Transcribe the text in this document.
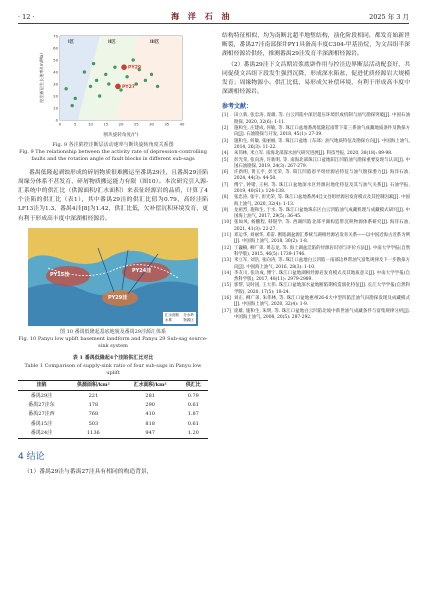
· 12 ·	海 洋 石 油	2025 年 3 月
I区	II区	III区
0	5	10	15	20	25	30	35	40
0
10
20
30
40
50
60
70
PY29
PY27
断块旋转角度/(°)
控洼断层生长速率/(m/Ma)
Fig. 9 各洼陷控洼断层活动速率与断块旋转角度关系图
Fig. 9 The relationship between the activity rate of depression-controlling faults and the rotation angle of fault blocks in different sub-sags

番禺低隆起剥蚀形成的碎屑物质很难搬运至番禺29洼，且番禺29洼陷周缘分体系不甚发育，碎屑物质搬运能力有限（图10）。本次研究引入源-汇系统中的供汇比（供源面积/汇水面积）来表征经源岩的品质，计算了4个洼陷的供汇比（表1），其中番禺29洼的供汇比值为0.79，高经洼陷LF13洼为1.3、番禺4洼[8]为1.42，供汇比低，欠补偿沉积环境发育，更有利于形成高丰度中深湖相烃源岩。

PY15洼
PY24洼
PY29洼
汇水面积 分水岭
水系	物源区
图 10 番禺低隆起基底地貌及番禺29洼源汇体系
Fig. 10 Panyu low uplift basement landform and Panyu 29 Sub-sag source-sink system
表 1 番禺低隆起4个洼陷供汇比对比
Table 1 Comparison of supply-sink ratio of four sub-sags in Panyu low uplift
洼陷	供源面积/km²	汇水面积/km²	供汇比
番禺29洼	221	281	0.79
番禺27洼东	178	290	0.61
番禺27洼西	768	410	1.87
番禺15洼	503	818	0.61
番禺24洼	1136	947	1.20
4 结论

（1）番禺29洼与番禺27洼具有相同的构造背景，

结构特征相似，均为南断北超半地堑结构，演化阶段相同，都发育始新世断裂，番禺27洼南部探井PY1具备高丰度C304-甲基甾烷，为文昌组半深湖相烃源岩供烃，推测番禺29洼发育半深湖相烃源岩。

（2）番禺29洼下文昌期岩浆底辟作用与控洼边界断层活动配套好，共同促使文昌组下段发生强烈沉降，形成深水陷盆，促进优质烃源岩大规模发育；周缘物源小、供汇比低，易形成欠补偿环境，有利于形成高丰度中深湖相烃源岩。

参考文献：
[1]	田立新, 张忠涛, 庞雄, 等. 白云凹陷中深层超压环境形成机制与油气勘探突破[J]. 中国石油勘探, 2020, 32(6): 1-11.
[2]	施和生, 庄建成, 何敏, 等. 珠江口盆地番禺低隆起南带下第三系油气成藏地质条件及勘探方向[J]. 石油勘探与开发, 2018, 45(1): 27-39.
[3]	施和生, 何敏, 张丽丽, 等. 珠江口盆地（东部）油气地质特征及勘探方向[J]. 中国海上油气, 2014, 26(3): 11-22.
[4]	朱伟林, 米立军. 南海北部深水油气研究进展[J]. 科技导报, 2020, 38(18): 89-98.
[5]	彭光荣, 张向涛, 许新明, 等. 南海北部珠江口盆地阳江凹陷油气勘探重要发现与认识[J]. 中国石油勘探, 2019, 24(3): 267-279.
[6]	许新明, 黄玉平, 彭光荣, 等. 阳江凹陷恩平组烃源岩特征与油气勘探潜力[J]. 海洋石油, 2024, 44(3): 44-50.
[7]	傅宁, 钟锴, 王柯, 等. 珠江口盆地深水区烃源岩地化特征及其与油气关系[J]. 石油学报, 2019, 40(S1): 124-138.
[8]	张忠涛, 张宇, 彭光荣, 等. 珠江口盆地番禺4洼文昌组烃源岩发育模式及其控制因素[J]. 中国海上油气, 2020, 32(4): 1-13.
[9]	龙祖烈, 施和生, 于水, 等. 珠江口盆地珠东区白云凹陷油气成藏机理与成藏模式研究[J]. 中国海上油气, 2017, 29(5): 36-45.
[10] 张如凤, 杨鹏程, 韩银学, 等. 西湖凹陷北部平湖构造带沉积物源体系研究[J]. 海洋石油, 2021, 41(3): 22-27.
[11] 邓运华, 刘丽华, 邓雷. 断陷湖盆源汇系统与湖相烃源岩发育关系——以中国近海古近系为例[J]. 中国海上油气, 2018, 30(2): 1-8.
[12] 丁巍楠, 柳广弟, 黄志龙, 等. 海上湖盆洼陷的烃源岩识别与评价方法[J]. 中南大学学报(自然科学版), 2015, 46(5): 1739-1746.
[13] 米立军, 刘浩, 张向涛, 等. 珠江口盆地白云凹陷一南部边界带油气富集规律及下一步勘探方向[J]. 中国海上油气, 2016, 28(3): 1-10.
[14] 李友川, 张功成, 傅宁. 珠江口盆地湖相烃源岩发育模式及其地质意义[J]. 中南大学学报(自然科学版), 2017, 48(11): 2979-2989.
[15] 郭帮, 吴时国, 王大伟. 珠江口盆地深水盆地断陷期构造演化特征[J]. 长江大学学报(自然科学版), 2020, 17(5): 18-24.
[16] 刘正, 柳广弟, 朱伟林, 等. 珠江口盆地惠州26-6大中型凹陷洼油气田勘探发现及成藏模式[J]. 中国海上油气, 2020, 32(4): 1-9.
[17] 庞雄, 施和生, 朱明, 等. 珠江口盆地白云凹陷北坡中新世油气成藏条件与富集规律分析[J]. 中国海上油气, 2008, 20(5): 287-292.
